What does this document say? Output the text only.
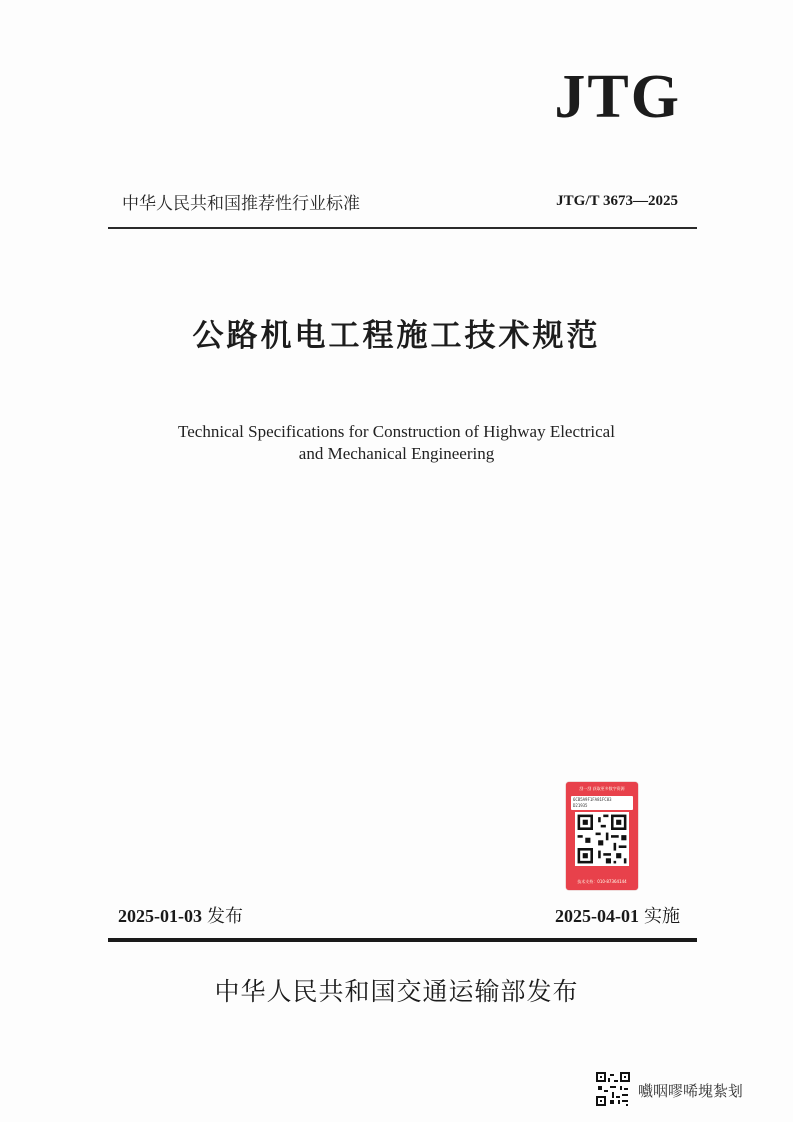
JTG
中华人民共和国推荐性行业标准	JTG/T 3673—2025
公路机电工程施工技术规范
Technical Specifications for Construction of Highway Electrical
and Mechanical Engineering
刮一刮 获取更多数字资源
6CB5A9F1FA81FC83
D21935
技术支持：010-87364144
2025-01-03 发布	2025-04-01 实施
中华人民共和国交通运输部发布
嚱咽嘐唏塊紮刬
